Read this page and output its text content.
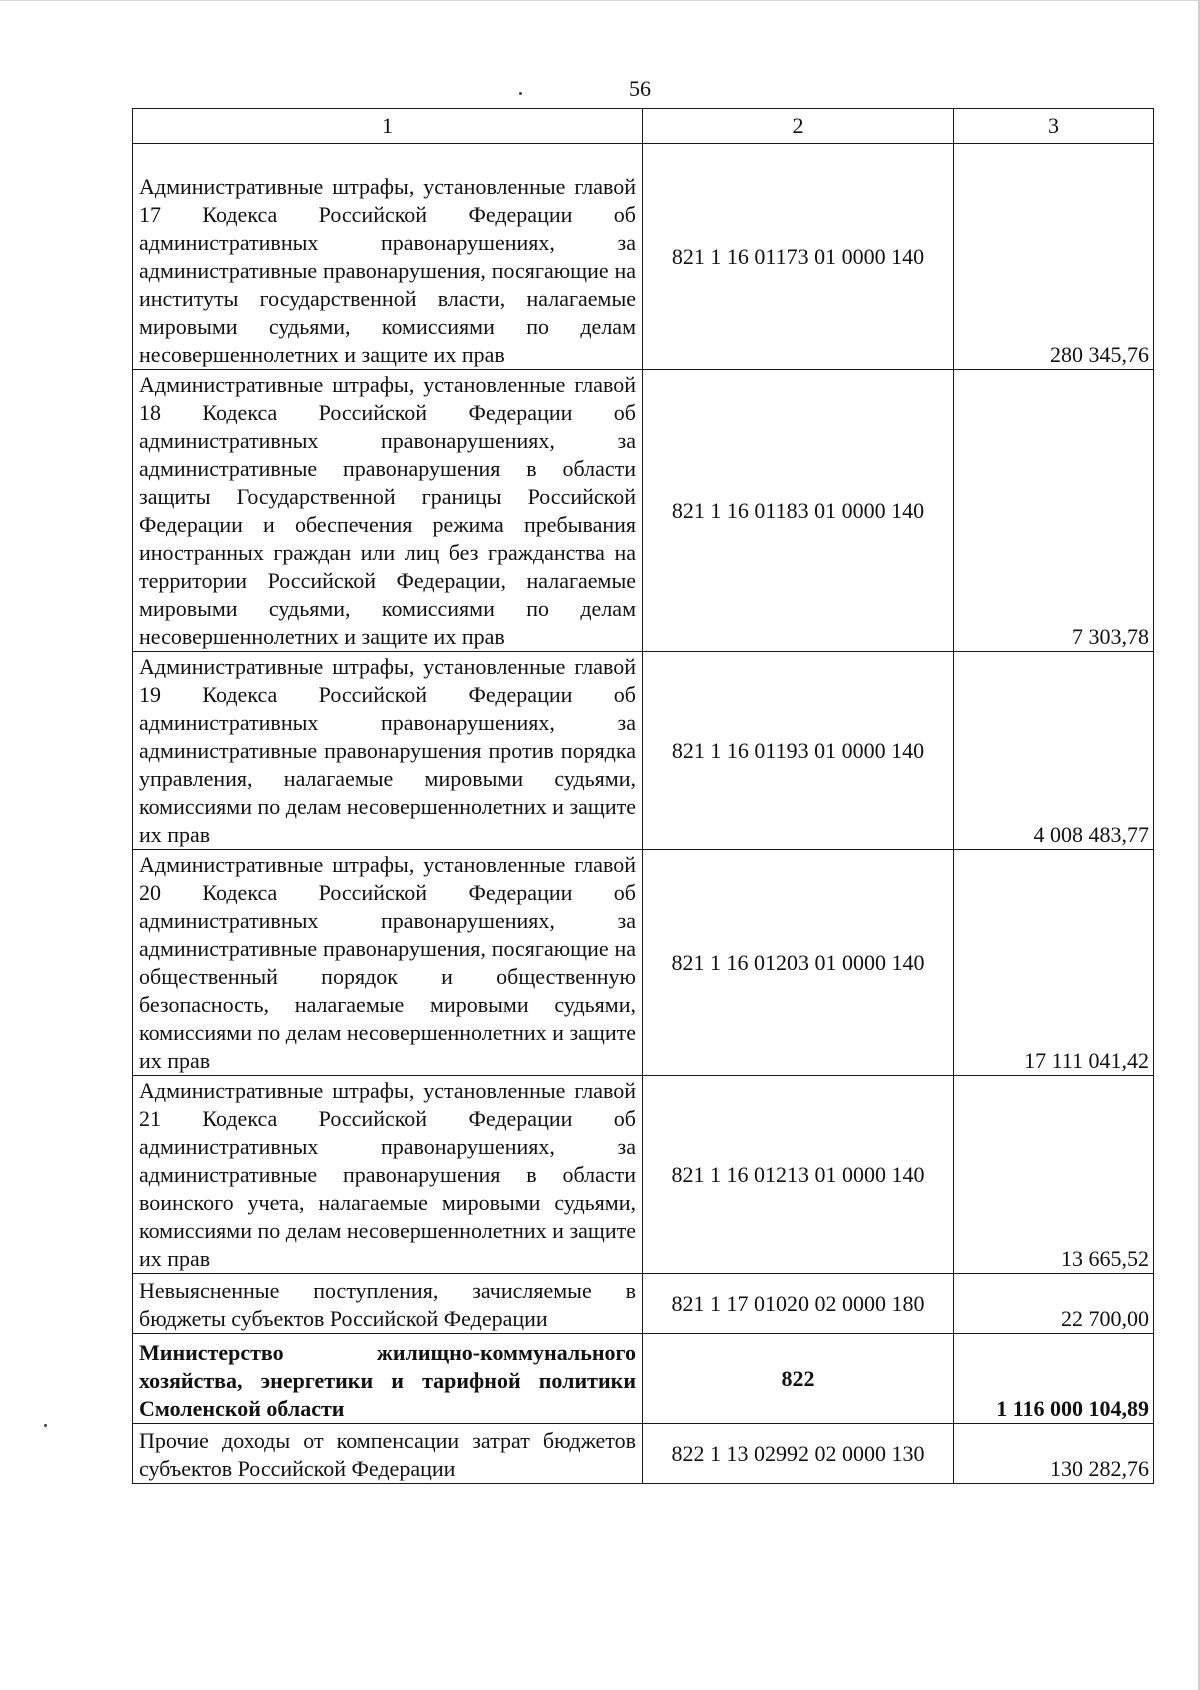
56
1	2	3
Административные штрафы, установленные главой 17 Кодекса Российской Федерации об административных правонарушениях, за административные правонарушения, посягающие на институты государственной власти, налагаемые мировыми судьями, комиссиями по делам несовершеннолетних и защите их прав	821 1 16 01173 01 0000 140	280 345,76
Административные штрафы, установленные главой 18 Кодекса Российской Федерации об административных правонарушениях, за административные правонарушения в области защиты Государственной границы Российской Федерации и обеспечения режима пребывания иностранных граждан или лиц без гражданства на территории Российской Федерации, налагаемые мировыми судьями, комиссиями по делам несовершеннолетних и защите их прав	821 1 16 01183 01 0000 140	7 303,78
Административные штрафы, установленные главой 19 Кодекса Российской Федерации об административных правонарушениях, за административные правонарушения против порядка управления, налагаемые мировыми судьями, комиссиями по делам несовершеннолетних и защите их прав	821 1 16 01193 01 0000 140	4 008 483,77
Административные штрафы, установленные главой 20 Кодекса Российской Федерации об административных правонарушениях, за административные правонарушения, посягающие на общественный порядок и общественную безопасность, налагаемые мировыми судьями, комиссиями по делам несовершеннолетних и защите их прав	821 1 16 01203 01 0000 140	17 111 041,42
Административные штрафы, установленные главой 21 Кодекса Российской Федерации об административных правонарушениях, за административные правонарушения в области воинского учета, налагаемые мировыми судьями, комиссиями по делам несовершеннолетних и защите их прав	821 1 16 01213 01 0000 140	13 665,52
Невыясненные поступления, зачисляемые в бюджеты субъектов Российской Федерации	821 1 17 01020 02 0000 180	22 700,00
Министерство жилищно-коммунального хозяйства, энергетики и тарифной политики Смоленской области	822	1 116 000 104,89
Прочие доходы от компенсации затрат бюджетов субъектов Российской Федерации	822 1 13 02992 02 0000 130	130 282,76
